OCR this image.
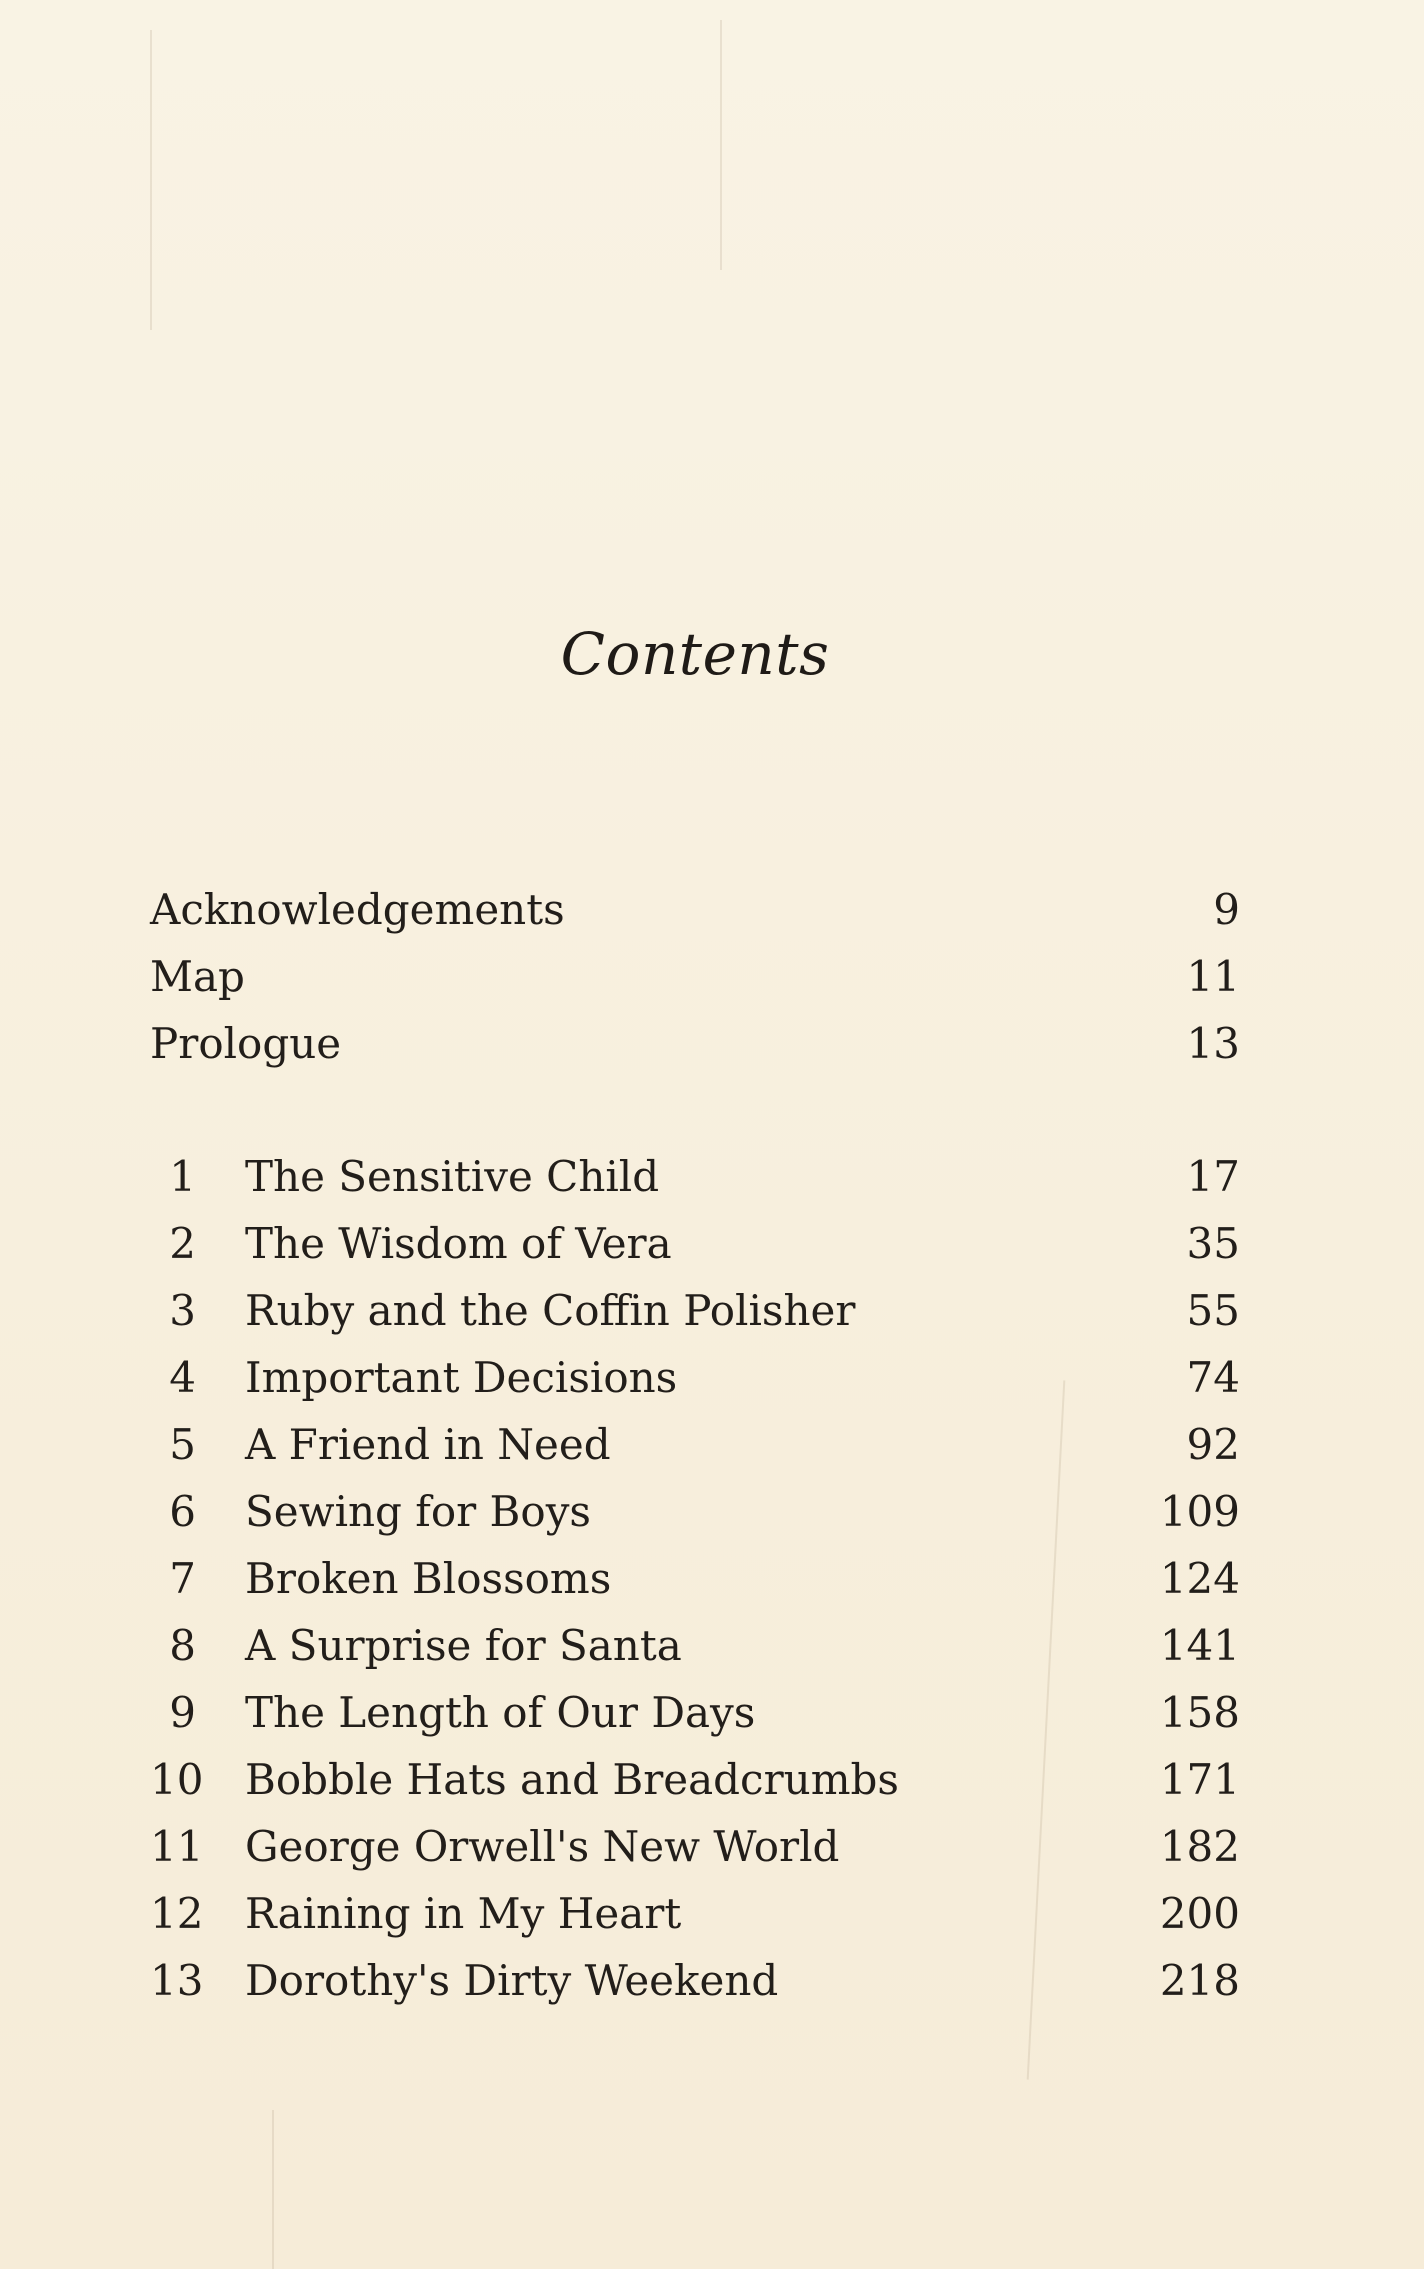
Contents
Acknowledgements	9
Map	11
Prologue	13
1 The Sensitive Child	17
2 The Wisdom of Vera	35
3 Ruby and the Coffin Polisher	55
4 Important Decisions	74
5 A Friend in Need	92
6 Sewing for Boys	109
7 Broken Blossoms	124
8 A Surprise for Santa	141
9 The Length of Our Days	158
10 Bobble Hats and Breadcrumbs	171
11 George Orwell's New World	182
12 Raining in My Heart	200
13 Dorothy's Dirty Weekend	218
